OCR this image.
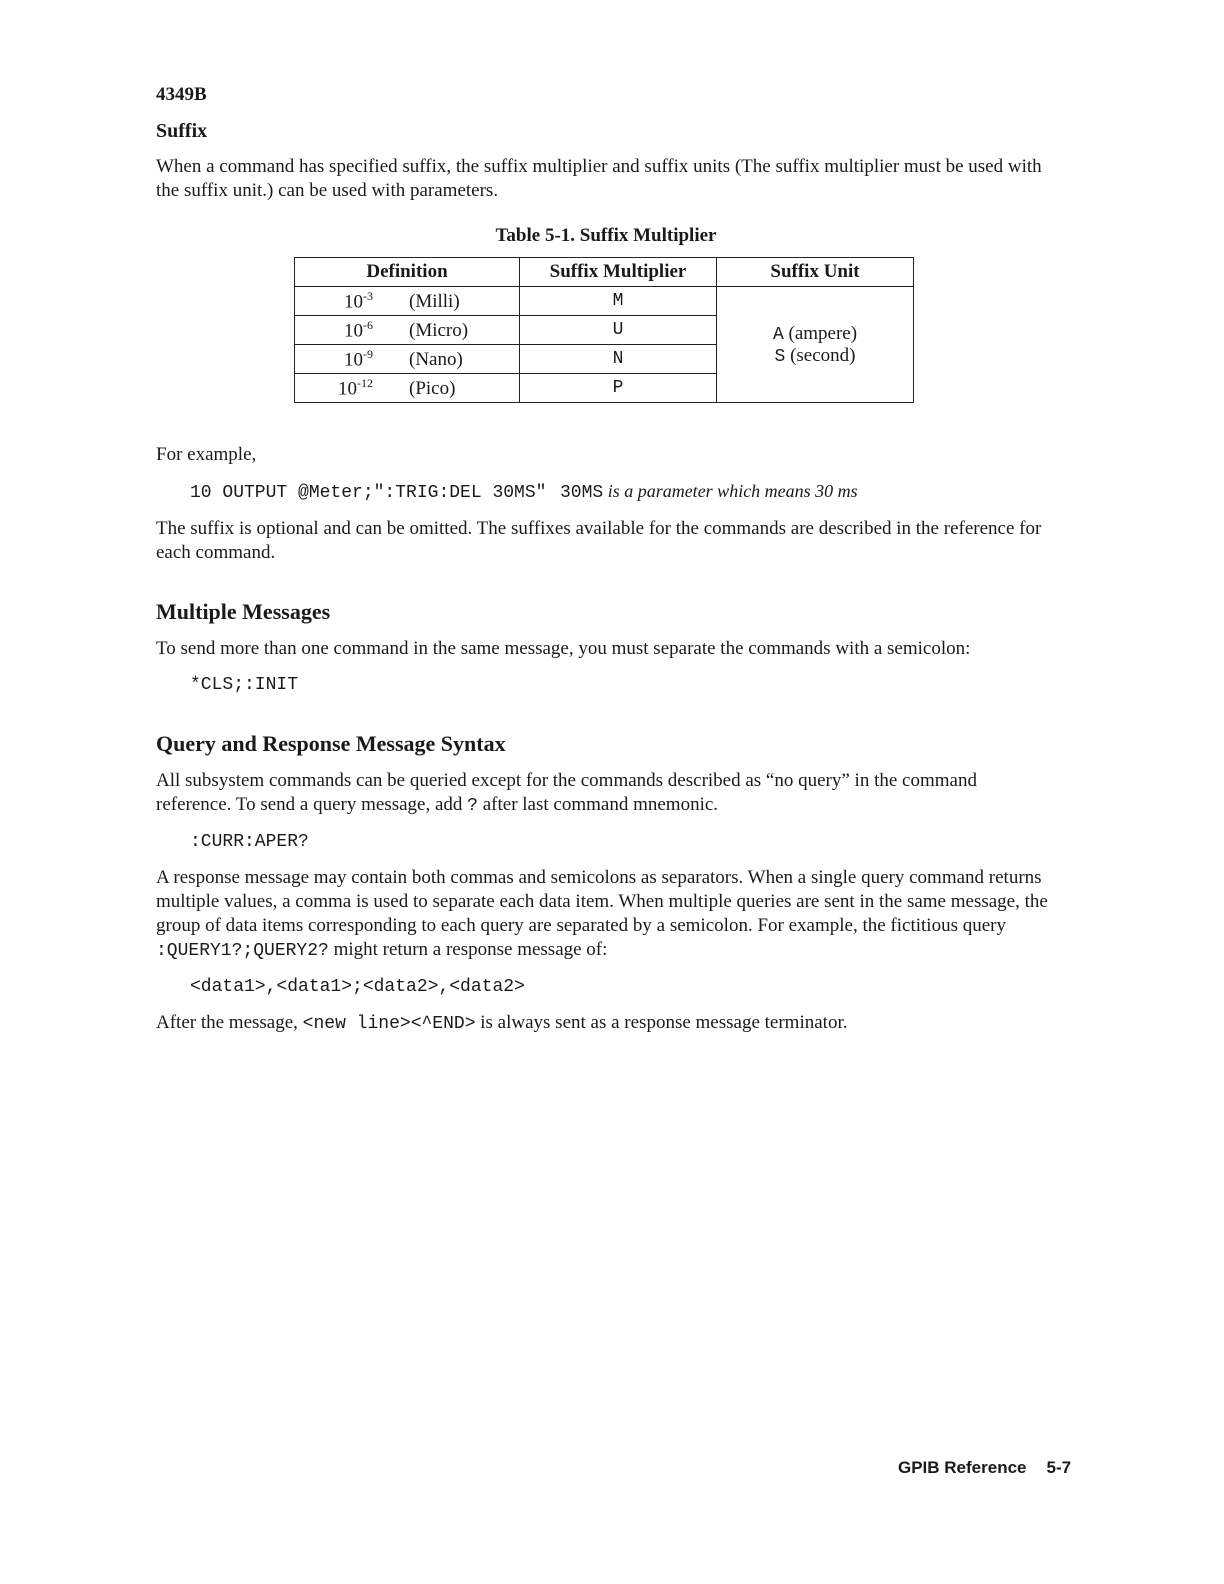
4349B
Suffix

When a command has specified suffix, the suffix multiplier and suffix units (The suffix multiplier must be used with the suffix unit.) can be used with parameters.

Table 5-1. Suffix Multiplier
Definition	Suffix Multiplier	Suffix Unit
$10^{-3}$ (Milli)	M	A (ampere)
S (second)

$10^{-6}$ (Micro)	U	
$10^{-9}$ (Nano)	N	
$10^{-12}$ (Pico)	P	

For example,

10 OUTPUT @Meter;":TRIG:DEL 30MS" 30MS is a parameter which means 30 ms

The suffix is optional and can be omitted. The suffixes available for the commands are described in the reference for each command.

Multiple Messages

To send more than one command in the same message, you must separate the commands with a semicolon:

*CLS;:INIT
Query and Response Message Syntax

All subsystem commands can be queried except for the commands described as “no query” in the command reference. To send a query message, add ? after last command mnemonic.

:CURR:APER?

A response message may contain both commas and semicolons as separators. When a single query command returns multiple values, a comma is used to separate each data item. When multiple queries are sent in the same message, the group of data items corresponding to each query are separated by a semicolon. For example, the fictitious query :QUERY1?;QUERY2? might return a response message of:

<data1>,<data1>;<data2>,<data2>

After the message, <new line><^END> is always sent as a response message terminator.

GPIB Reference 5-7
